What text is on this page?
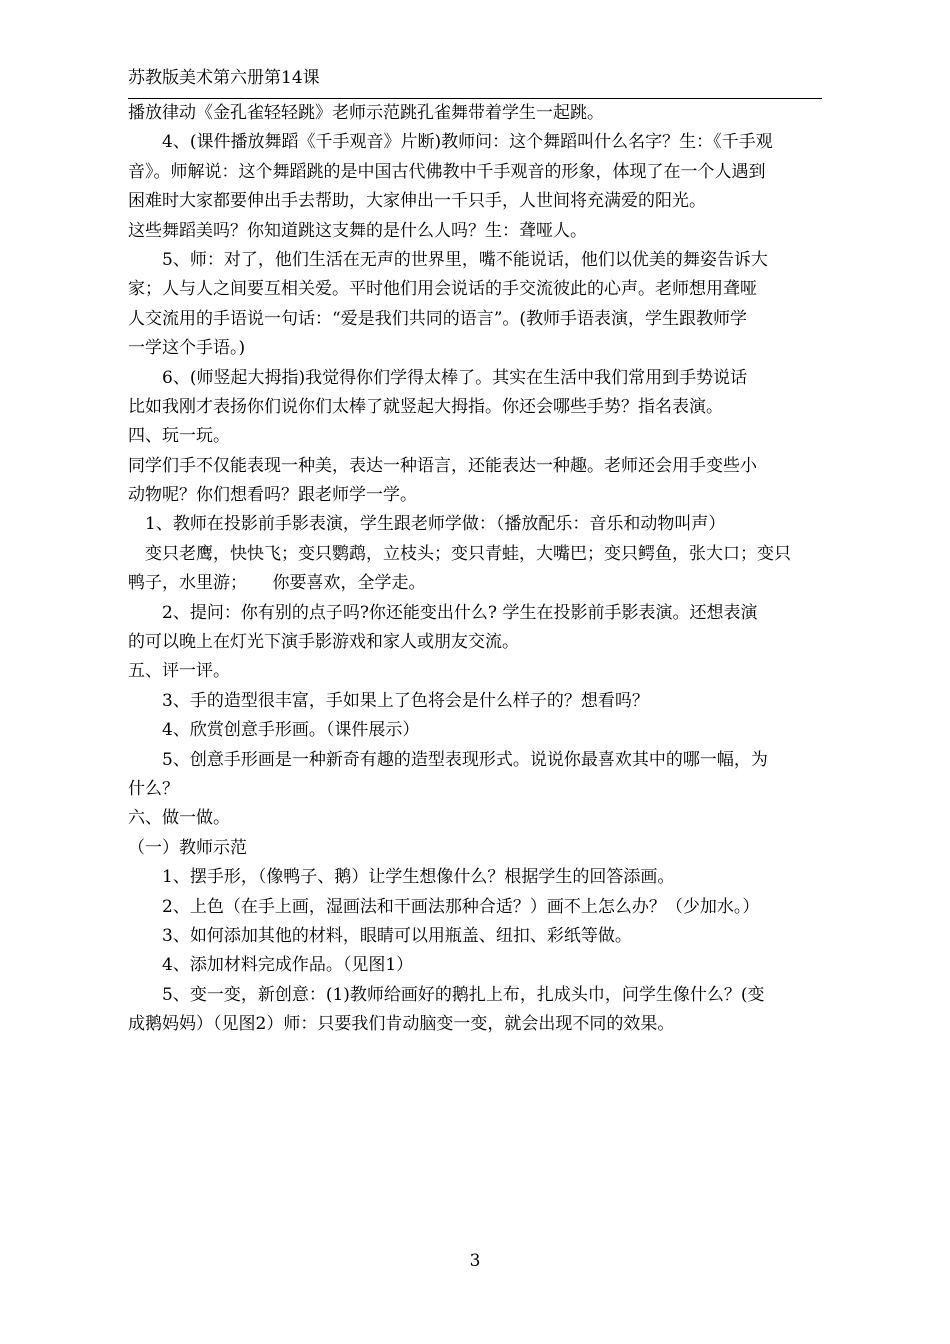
苏教版美术第六册第14课
播放律动《金孔雀轻轻跳》老师示范跳孔雀舞带着学生一起跳。
　　4、(课件播放舞蹈《千手观音》片断)教师问：这个舞蹈叫什么名字？生：《千手观
音》。师解说：这个舞蹈跳的是中国古代佛教中千手观音的形象，体现了在一个人遇到
困难时大家都要伸出手去帮助，大家伸出一千只手，人世间将充满爱的阳光。
这些舞蹈美吗？你知道跳这支舞的是什么人吗？生：聋哑人。
　　5、师：对了，他们生活在无声的世界里，嘴不能说话，他们以优美的舞姿告诉大
家；人与人之间要互相关爱。平时他们用会说话的手交流彼此的心声。老师想用聋哑
人交流用的手语说一句话：“爱是我们共同的语言”。(教师手语表演，学生跟教师学
一学这个手语。)
　　6、(师竖起大拇指)我觉得你们学得太棒了。其实在生活中我们常用到手势说话
比如我刚才表扬你们说你们太棒了就竖起大拇指。你还会哪些手势？指名表演。
四、玩一玩。
同学们手不仅能表现一种美，表达一种语言，还能表达一种趣。老师还会用手变些小
动物呢？你们想看吗？跟老师学一学。
　1、教师在投影前手影表演，学生跟老师学做：（播放配乐：音乐和动物叫声）
　变只老鹰，快快飞；变只鹦鹉，立枝头；变只青蛙，大嘴巴；变只鳄鱼，张大口；变只
鸭子，水里游；　　你要喜欢，全学走。
　　2、提问：你有别的点子吗?你还能变出什么? 学生在投影前手影表演。还想表演
的可以晚上在灯光下演手影游戏和家人或朋友交流。
五、评一评。
　　3、手的造型很丰富，手如果上了色将会是什么样子的？想看吗？
　　4、欣赏创意手形画。（课件展示）
　　5、创意手形画是一种新奇有趣的造型表现形式。说说你最喜欢其中的哪一幅，为
什么？
六、做一做。
（一）教师示范
　　1、摆手形，（像鸭子、鹅）让学生想像什么？根据学生的回答添画。
　　2、上色（在手上画，湿画法和干画法那种合适？）画不上怎么办？（少加水。）
　　3、如何添加其他的材料，眼睛可以用瓶盖、纽扣、彩纸等做。
　　4、添加材料完成作品。（见图1）
　　5、变一变，新创意：(1)教师给画好的鹅扎上布，扎成头巾，问学生像什么？(变
成鹅妈妈）（见图2）师：只要我们肯动脑变一变，就会出现不同的效果。
3
